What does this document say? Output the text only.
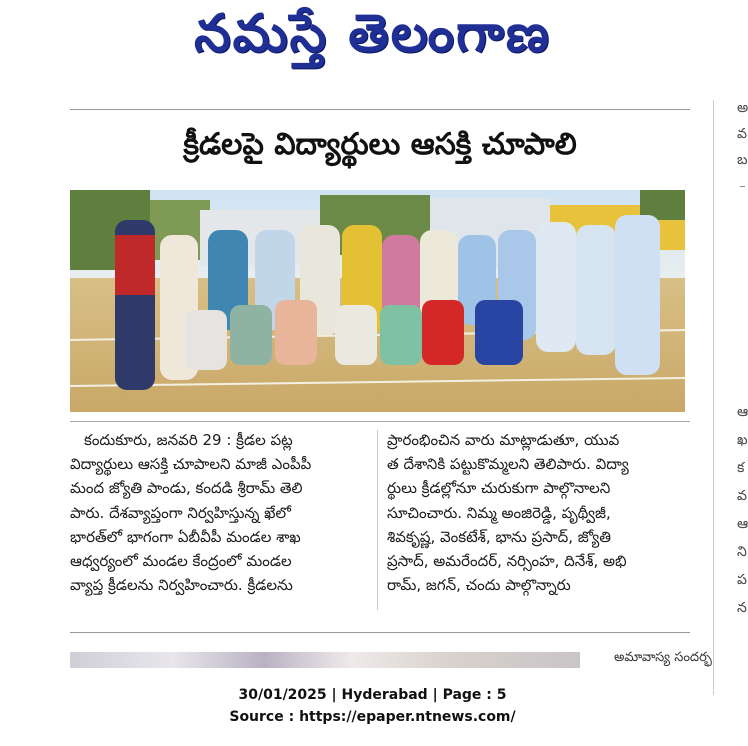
నమస్తే తెలంగాణ
అ
వ
బ
ఆ
ఖ
క
వ
ఆ
ని
ప
న
క్రీడలపై విద్యార్థులు ఆసక్తి చూపాలి
కందుకూరు, జనవరి 29 : క్రీడల పట్ల
విద్యార్థులు ఆసక్తి చూపాలని మాజీ ఎంపీపీ
మంద జ్యోతి పాండు, కందడి శ్రీరామ్ తెలి
పారు. దేశవ్యాప్తంగా నిర్వహిస్తున్న ఖేలో
భారత్‌లో భాగంగా ఏబీవీపీ మండల శాఖ
ఆధ్వర్యంలో మండల కేంద్రంలో మండల
వ్యాప్త క్రీడలను నిర్వహించారు. క్రీడలను
ప్రారంభించిన వారు మాట్లాడుతూ, యువ
త దేశానికి పట్టుకొమ్మలని తెలిపారు. విద్యా
ర్థులు క్రీడల్లోనూ చురుకుగా పాల్గొనాలని
సూచించారు. నిమ్మ అంజిరెడ్డి, పృథ్వీజీ,
శివకృష్ణ, వెంకటేశ్, భాను ప్రసాద్, జ్యోతి
ప్రసాద్, అమరేందర్, నర్సింహ, దినేశ్, అభి
రామ్, జగన్, చందు పాల్గొన్నారు
అమావాస్య సందర్భ
30/01/2025 | Hyderabad | Page : 5
Source : https://epaper.ntnews.com/
